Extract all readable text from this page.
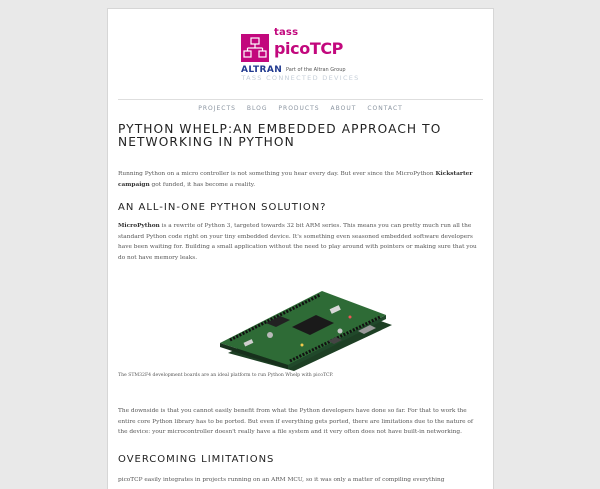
tass
picoTCP
ALTRAN Part of the Altran Group
TASS CONNECTED DEVICES
PROJECTS BLOG PRODUCTS ABOUT CONTACT
PYTHON WHELP:AN EMBEDDED APPROACH TO NETWORKING IN PYTHON

Running Python on a micro controller is not something you hear every day. But ever since the MicroPython Kickstarter campaign got funded, it has become a reality.

AN ALL-IN-ONE PYTHON SOLUTION?

MicroPython is a rewrite of Python 3, targeted towards 32 bit ARM series. This means you can pretty much run all the standard Python code right on your tiny embedded device. It's something even seasoned embedded software developers have been waiting for. Building a small application without the need to play around with pointers or making sure that you do not have memory leaks.

The STM32F4 development boards are an ideal platform to run Python Whelp with picoTCP.

The downside is that you cannot easily benefit from what the Python developers have done so far. For that to work the entire core Python library has to be ported. But even if everything gets ported, there are limitations due to the nature of the device: your microcontroller doesn't really have a file system and it very often does not have built-in networking.

OVERCOMING LIMITATIONS

picoTCP easily integrates in projects running on an ARM MCU, so it was only a matter of compiling everything
